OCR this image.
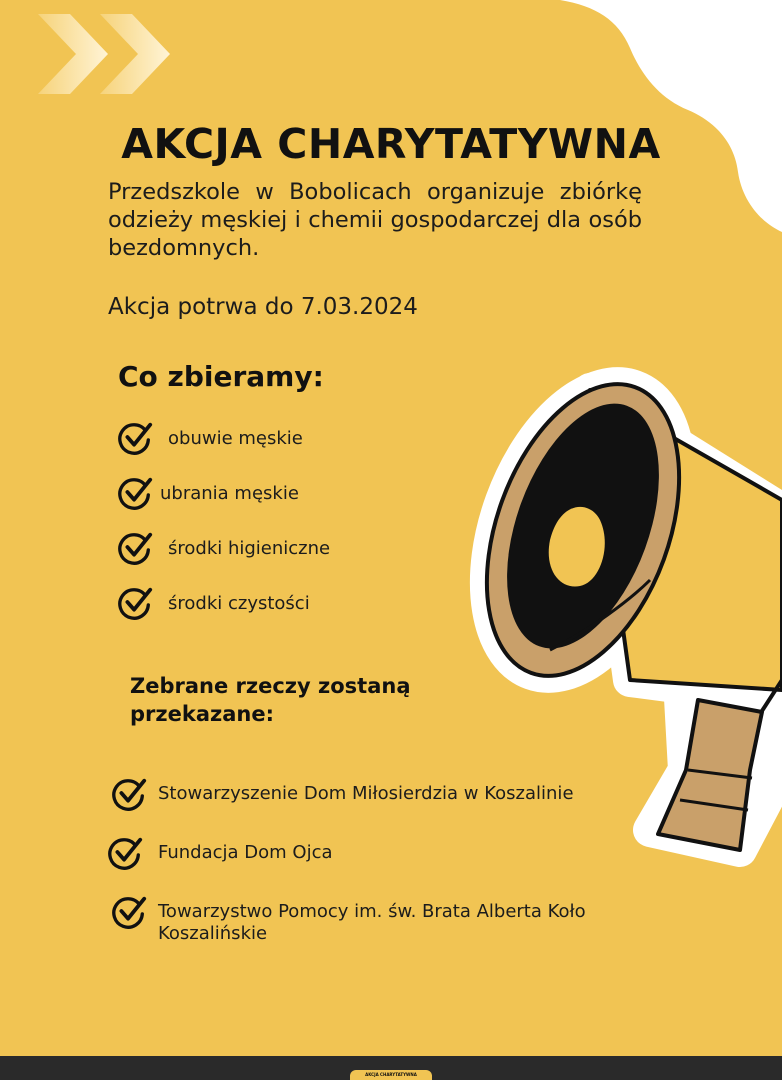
AKCJA CHARYTATYWNA
Przedszkole w Bobolicach organizuje zbiórkę odzieży męskiej i chemii gospodarczej dla osób bezdomnych.
Akcja potrwa do 7.03.2024
Co zbieramy:
obuwie męskie
ubrania męskie
środki higieniczne
środki czystości
Zebrane rzeczy zostaną przekazane:
Stowarzyszenie Dom Miłosierdzia w Koszalinie
Fundacja Dom Ojca
Towarzystwo Pomocy im. św. Brata Alberta Koło Koszalińskie
AKCJA CHARYTATYWNA
